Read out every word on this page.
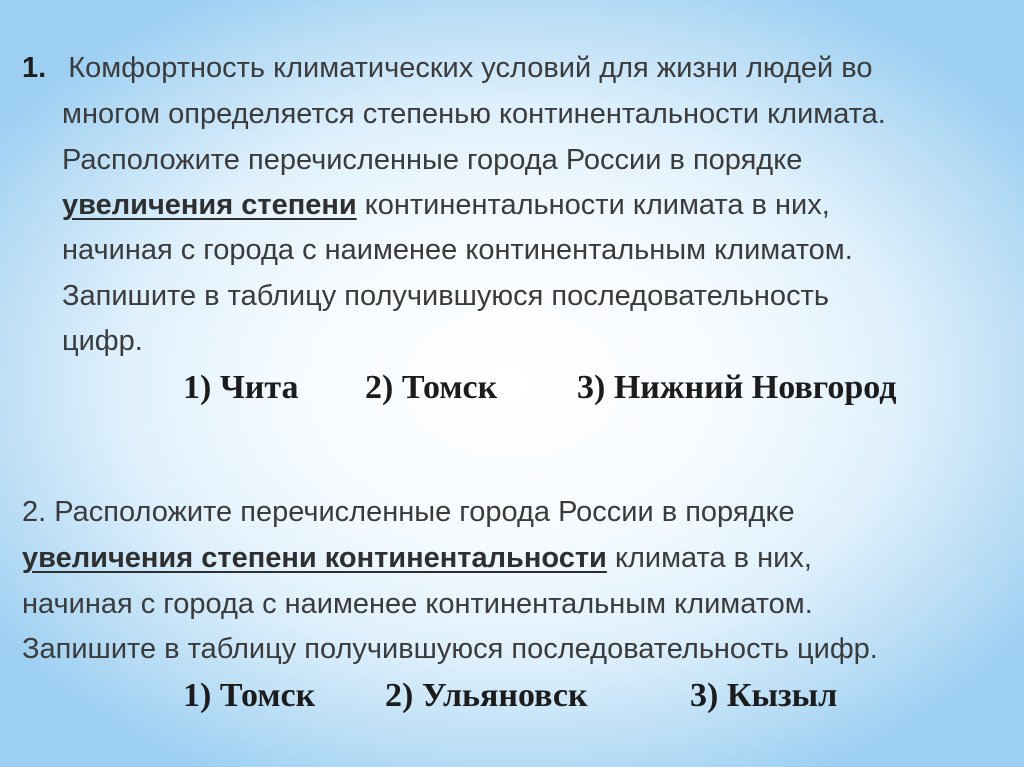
1. Комфортность климатических условий для жизни людей во
многом определяется степенью континентальности климата.
Расположите перечисленные города России в порядке
увеличения степени континентальности климата в них,
начиная с города с наименее континентальным климатом.
Запишите в таблицу получившуюся последовательность
цифр.
1) Чита 2) Томск 3) Нижний Новгород
2. Расположите перечисленные города России в порядке
увеличения степени континентальности климата в них,
начиная с города с наименее континентальным климатом.
Запишите в таблицу получившуюся последовательность цифр.
1) Томск 2) Ульяновск	3) Кызыл
